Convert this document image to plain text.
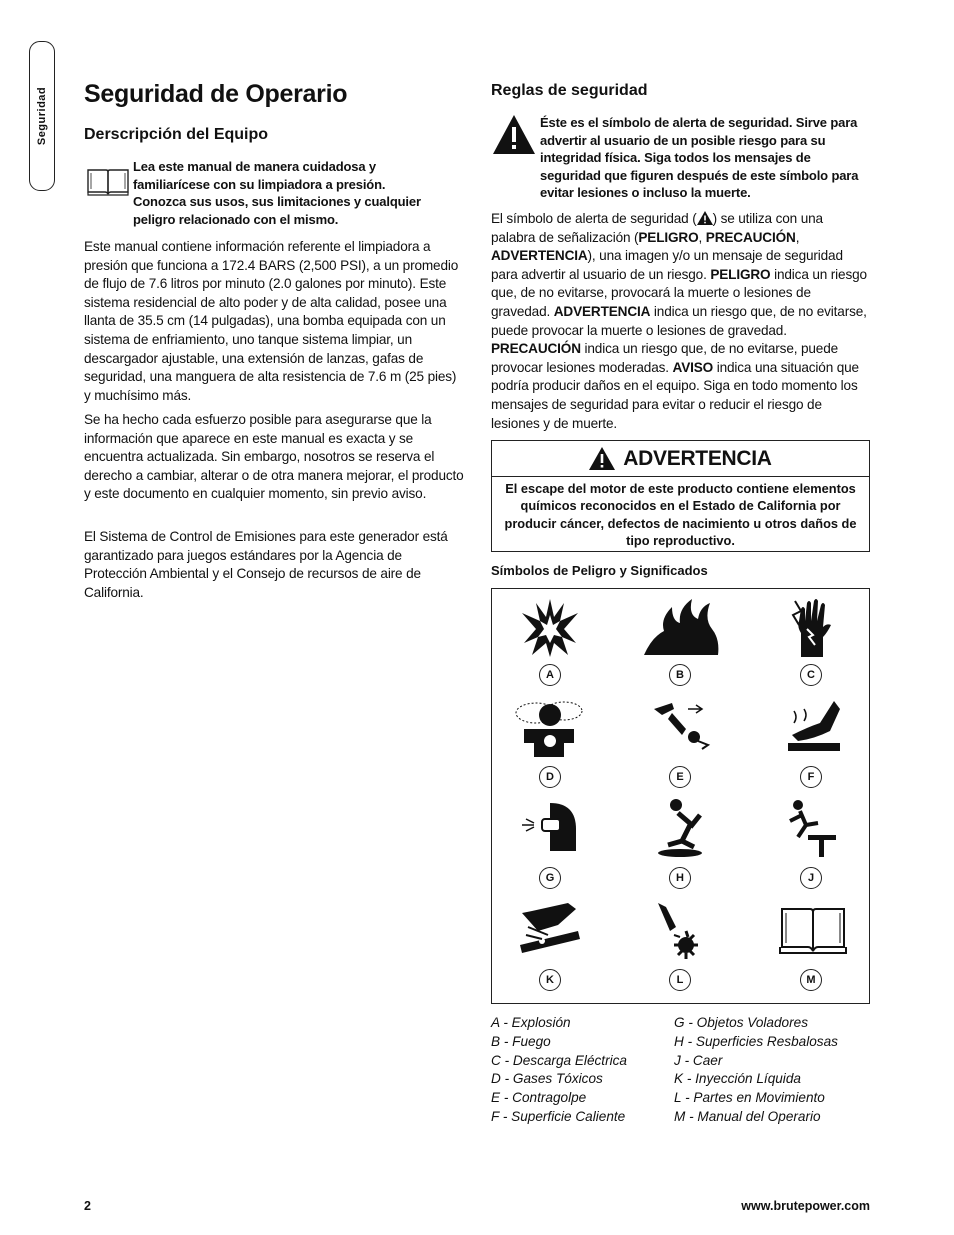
Seguridad Seguridad de Operario
Derscripción del Equipo

Lea este manual de manera cuidadosa y familiarícese con su limpiadora a presión. Conozca sus usos, sus limitaciones y cualquier peligro relacionado con el mismo.

Este manual contiene información referente el limpiadora a presión que funciona a 172.4 BARS (2,500 PSI), a un promedio de flujo de 7.6 litros por minuto (2.0 galones por minuto). Este sistema residencial de alto poder y de alta calidad, posee una llanta de 35.5 cm (14 pulgadas), una bomba equipada con un sistema de enfriamiento, uno tanque sistema limpiar, un descargador ajustable, una extensión de lanzas, gafas de seguridad, una manguera de alta resistencia de 7.6 m (25 pies) y muchísimo más.

Se ha hecho cada esfuerzo posible para asegurarse que la información que aparece en este manual es exacta y se encuentra actualizada. Sin embargo, nosotros se reserva el derecho a cambiar, alterar o de otra manera mejorar, el producto y este documento en cualquier momento, sin previo aviso.

El Sistema de Control de Emisiones para este generador está garantizado para juegos estándares por la Agencia de Protección Ambiental y el Consejo de recursos de aire de California.

Reglas de seguridad

Éste es el símbolo de alerta de seguridad. Sirve para advertir al usuario de un posible riesgo para su integridad física. Siga todos los mensajes de seguridad que figuren después de este símbolo para evitar lesiones o incluso la muerte.

El símbolo de alerta de seguridad ( ) se utiliza con una palabra de señalización (PELIGRO, PRECAUCIÓN, ADVERTENCIA), una imagen y/o un mensaje de seguridad para advertir al usuario de un riesgo. PELIGRO indica un riesgo que, de no evitarse, provocará la muerte o lesiones de gravedad. ADVERTENCIA indica un riesgo que, de no evitarse, puede provocar la muerte o lesiones de gravedad. PRECAUCIÓN indica un riesgo que, de no evitarse, puede provocar lesiones moderadas. AVISO indica una situación que podría producir daños en el equipo. Siga en todo momento los mensajes de seguridad para evitar o reducir el riesgo de lesiones y de muerte.

ADVERTENCIA
El escape del motor de este producto contiene elementos químicos reconocidos en el Estado de California por producir cáncer, defectos de nacimiento u otros daños de tipo reproductivo.
Símbolos de Peligro y Significados
A	B	C
D	E	F
G	H	J
K	L	M
A - Explosión
B - Fuego
C - Descarga Eléctrica
D - Gases Tóxicos
E - Contragolpe
F - Superficie Caliente
G - Objetos Voladores
H - Superficies Resbalosas
J - Caer
K - Inyección Líquida
L - Partes en Movimiento
M - Manual del Operario
2	www.brutepower.com
